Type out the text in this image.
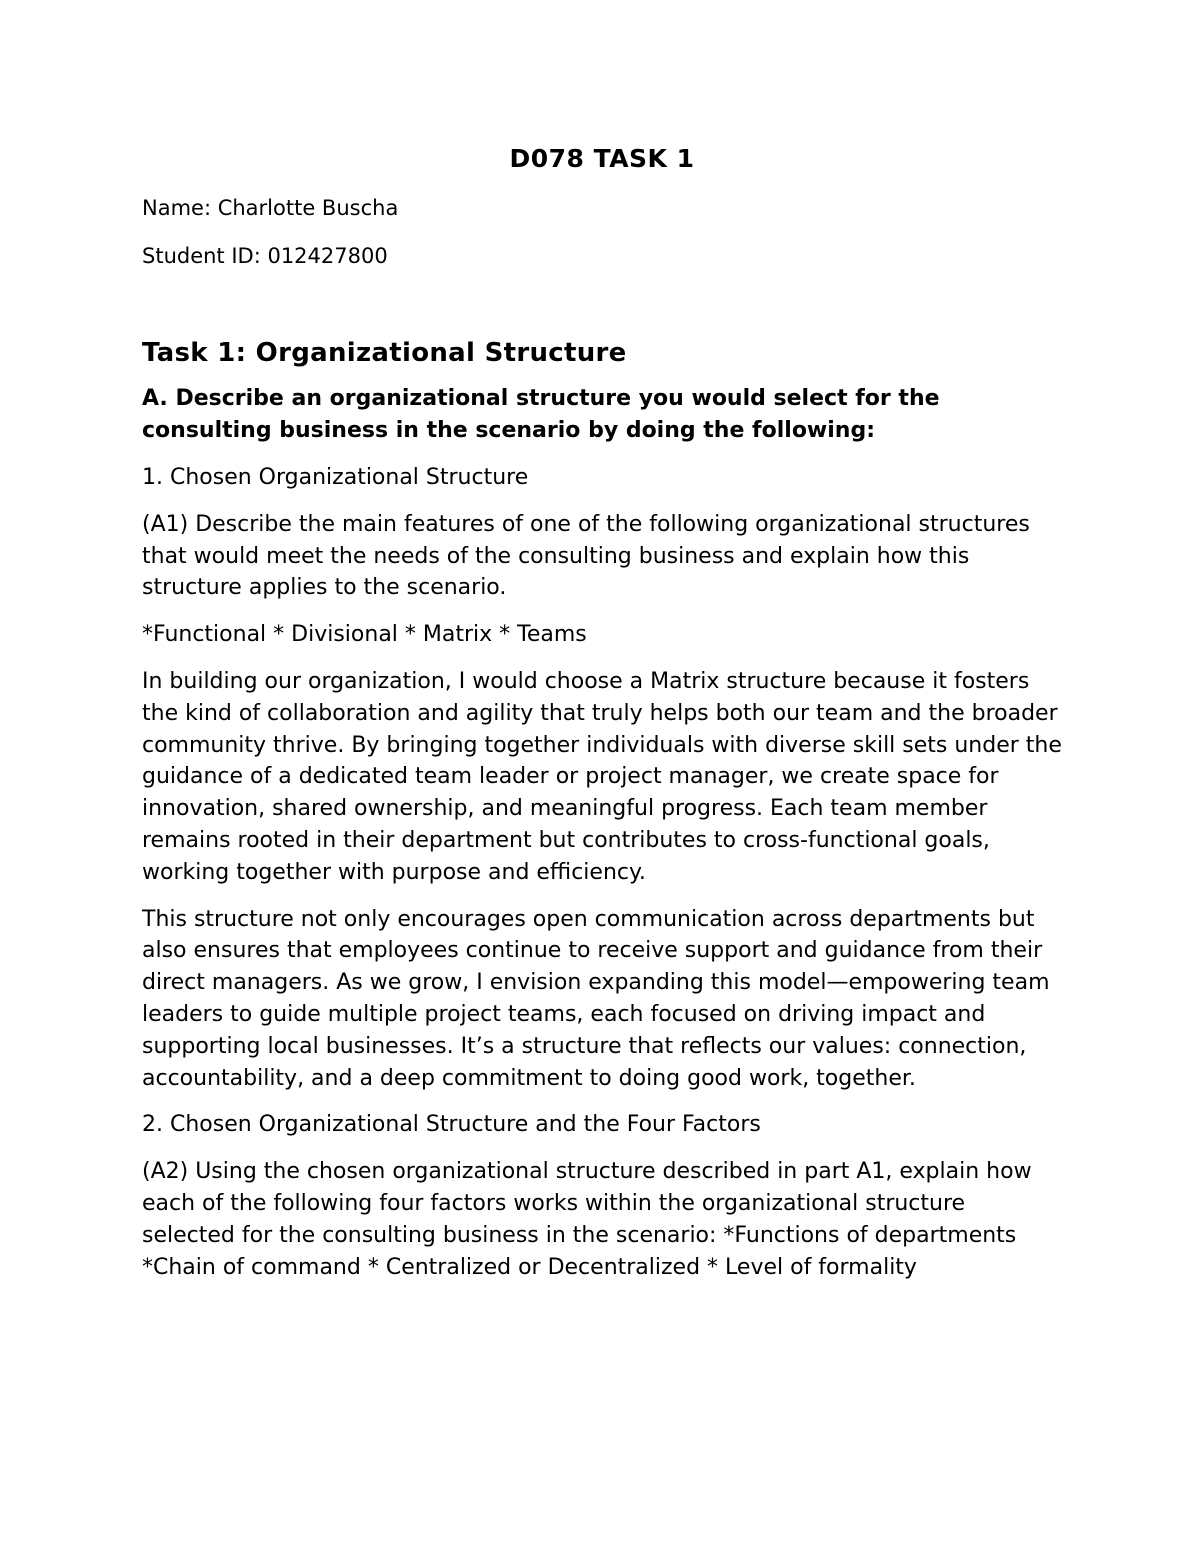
D078 TASK 1

Name: Charlotte Buscha

Student ID: 012427800

Task 1: Organizational Structure
A. Describe an organizational structure you would select for the consulting business in the scenario by doing the following:

1. Chosen Organizational Structure

(A1) Describe the main features of one of the following organizational structures that would meet the needs of the consulting business and explain how this structure applies to the scenario.

*Functional * Divisional * Matrix * Teams

In building our organization, I would choose a Matrix structure because it fosters the kind of collaboration and agility that truly helps both our team and the broader community thrive. By bringing together individuals with diverse skill sets under the guidance of a dedicated team leader or project manager, we create space for innovation, shared ownership, and meaningful progress. Each team member remains rooted in their department but contributes to cross-functional goals, working together with purpose and efficiency.

This structure not only encourages open communication across departments but also ensures that employees continue to receive support and guidance from their direct managers. As we grow, I envision expanding this model—empowering team leaders to guide multiple project teams, each focused on driving impact and supporting local businesses. It’s a structure that reflects our values: connection, accountability, and a deep commitment to doing good work, together.

2. Chosen Organizational Structure and the Four Factors

(A2) Using the chosen organizational structure described in part A1, explain how each of the following four factors works within the organizational structure selected for the consulting business in the scenario: *Functions of departments *Chain of command * Centralized or Decentralized * Level of formality
